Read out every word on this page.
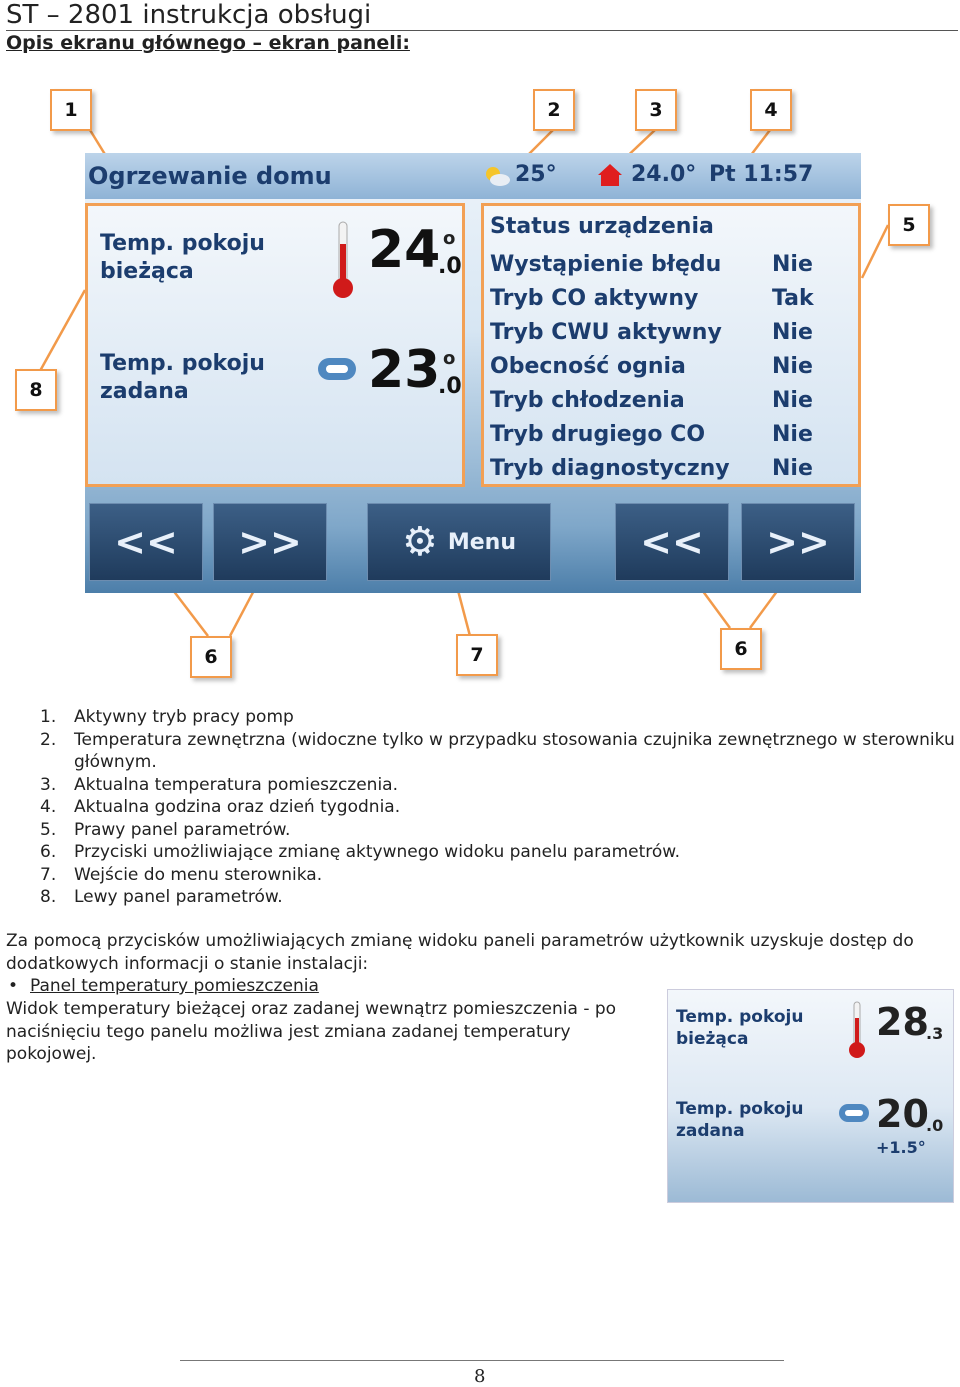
ST – 2801 instrukcja obsługi
Opis ekranu głównego – ekran paneli:
1	2	3	4
5
8
6	7	6
Ogrzewanie domu	25°	24.0° Pt 11:57
Temp. pokoju
bieżąca	24
.0
o
Temp. pokoju
zadana	23
.0
o
Status urządzenia
Wystąpienie błędu Nie
Tryb CO aktywny	Tak
Tryb CWU aktywny Nie
Obecność ognia	Nie
Tryb chłodzenia	Nie
Tryb drugiego CO	Nie
Tryb diagnostyczny Nie
<<	>>	⚙ Menu	<<	>>
1. Aktywny tryb pracy pomp
2. Temperatura zewnętrzna (widoczne tylko w przypadku stosowania czujnika zewnętrznego w sterowniku głównym.
3. Aktualna temperatura pomieszczenia.
4. Aktualna godzina oraz dzień tygodnia.
5. Prawy panel parametrów.
6. Przyciski umożliwiające zmianę aktywnego widoku panelu parametrów.
7. Wejście do menu sterownika.
8. Lewy panel parametrów.
Za pomocą przycisków umożliwiających zmianę widoku paneli parametrów użytkownik uzyskuje dostęp do dodatkowych informacji o stanie instalacji:
• Panel temperatury pomieszczenia
Widok temperatury bieżącej oraz zadanej wewnątrz pomieszczenia - po naciśnięciu tego panelu możliwa jest zmiana zadanej temperatury pokojowej.
Temp. pokoju
bieżąca	28
.3
Temp. pokoju
zadana	20
.0
+1.5°
8
